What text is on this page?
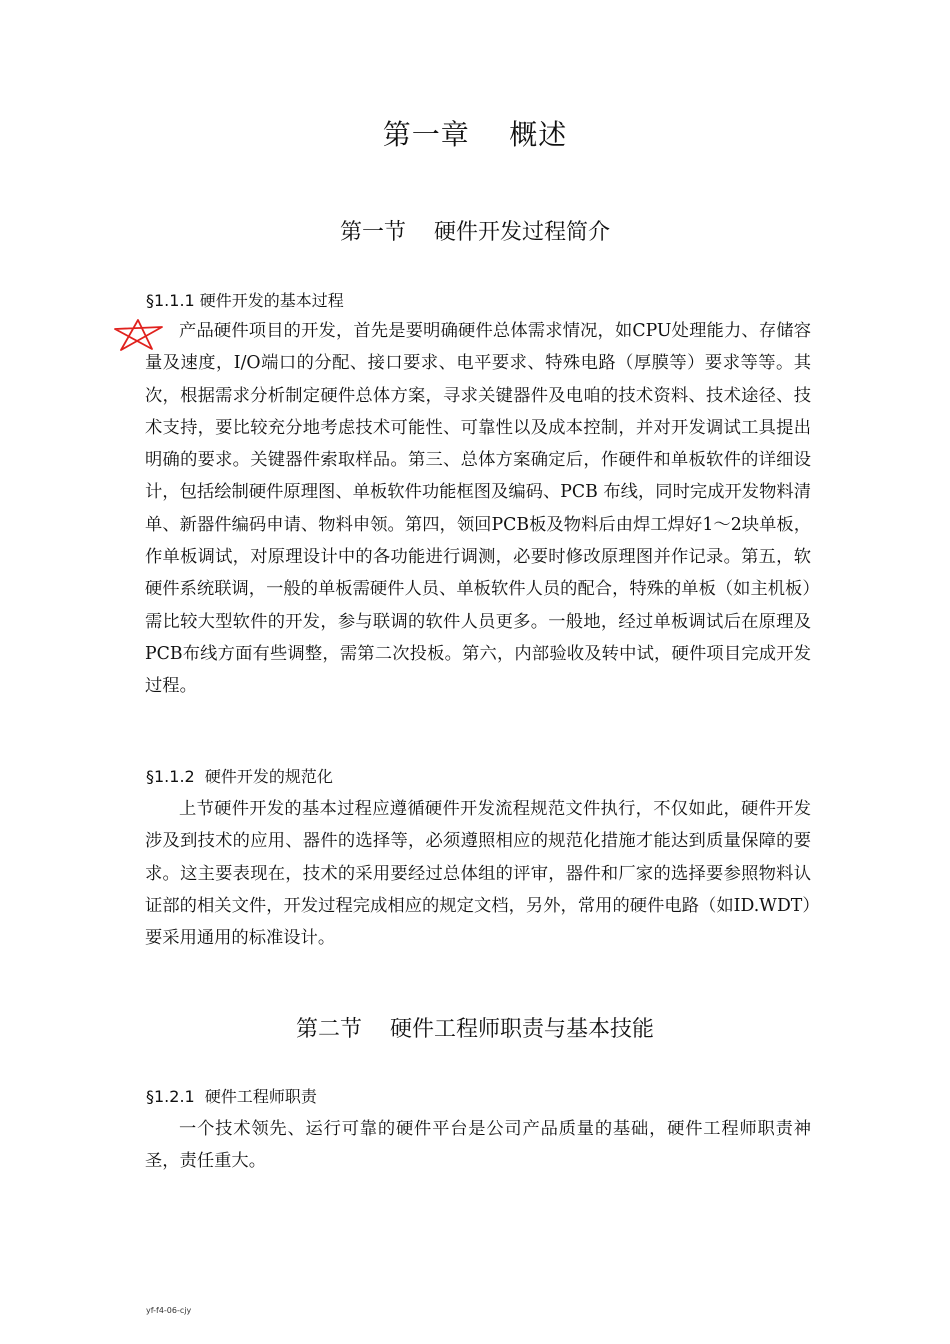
第一章    概述
第一节    硬件开发过程简介
§1.1.1 硬件开发的基本过程

产品硬件项目的开发，首先是要明确硬件总体需求情况，如CPU处理能力、存储容量及速度，I/O端口的分配、接口要求、电平要求、特殊电路（厚膜等）要求等等。其次，根据需求分析制定硬件总体方案，寻求关键器件及电咱的技术资料、技术途径、技术支持，要比较充分地考虑技术可能性、可靠性以及成本控制，并对开发调试工具提出明确的要求。关键器件索取样品。第三、总体方案确定后，作硬件和单板软件的详细设计，包括绘制硬件原理图、单板软件功能框图及编码、PCB 布线，同时完成开发物料清单、新器件编码申请、物料申领。第四，领回PCB板及物料后由焊工焊好1～2块单板，作单板调试，对原理设计中的各功能进行调测，必要时修改原理图并作记录。第五，软硬件系统联调，一般的单板需硬件人员、单板软件人员的配合，特殊的单板（如主机板）需比较大型软件的开发，参与联调的软件人员更多。一般地，经过单板调试后在原理及PCB布线方面有些调整，需第二次投板。第六，内部验收及转中试，硬件项目完成开发过程。

§1.1.2  硬件开发的规范化

上节硬件开发的基本过程应遵循硬件开发流程规范文件执行，不仅如此，硬件开发涉及到技术的应用、器件的选择等，必须遵照相应的规范化措施才能达到质量保障的要求。这主要表现在，技术的采用要经过总体组的评审，器件和厂家的选择要参照物料认证部的相关文件，开发过程完成相应的规定文档，另外，常用的硬件电路（如ID.WDT）要采用通用的标准设计。

第二节    硬件工程师职责与基本技能
§1.2.1  硬件工程师职责

一个技术领先、运行可靠的硬件平台是公司产品质量的基础，硬件工程师职责神圣，责任重大。

yf-f4-06-cjy
